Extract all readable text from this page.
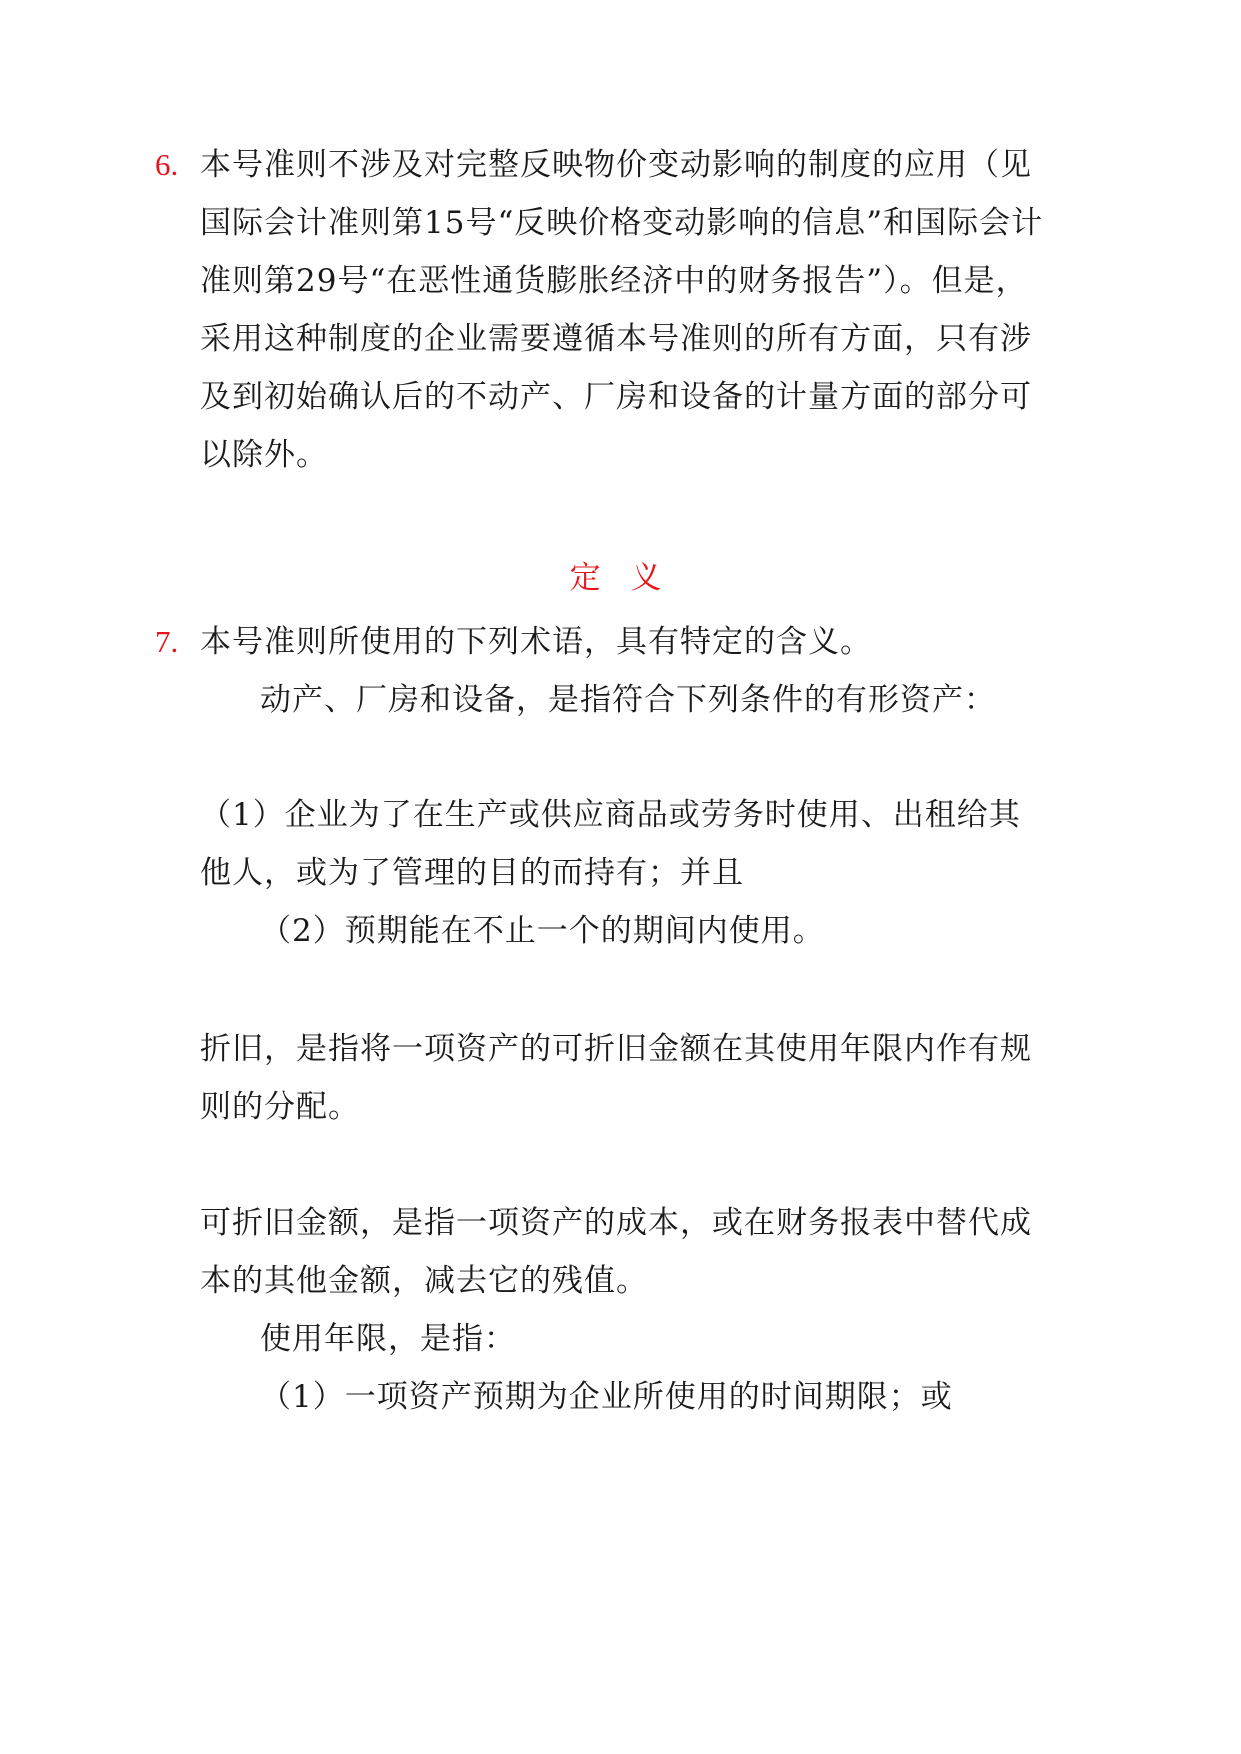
6. 本号准则不涉及对完整反映物价变动影响的制度的应用（见
国际会计准则第15号“反映价格变动影响的信息”和国际会计
准则第29号“在恶性通货膨胀经济中的财务报告”）。但是，
采用这种制度的企业需要遵循本号准则的所有方面，只有涉
及到初始确认后的不动产、厂房和设备的计量方面的部分可
以除外。
定 义
7. 本号准则所使用的下列术语，具有特定的含义。
动产、厂房和设备，是指符合下列条件的有形资产：
（1）企业为了在生产或供应商品或劳务时使用、出租给其
他人，或为了管理的目的而持有；并且
（2）预期能在不止一个的期间内使用。
折旧，是指将一项资产的可折旧金额在其使用年限内作有规
则的分配。
可折旧金额，是指一项资产的成本，或在财务报表中替代成
本的其他金额，减去它的残值。
使用年限，是指：
（1）一项资产预期为企业所使用的时间期限；或
